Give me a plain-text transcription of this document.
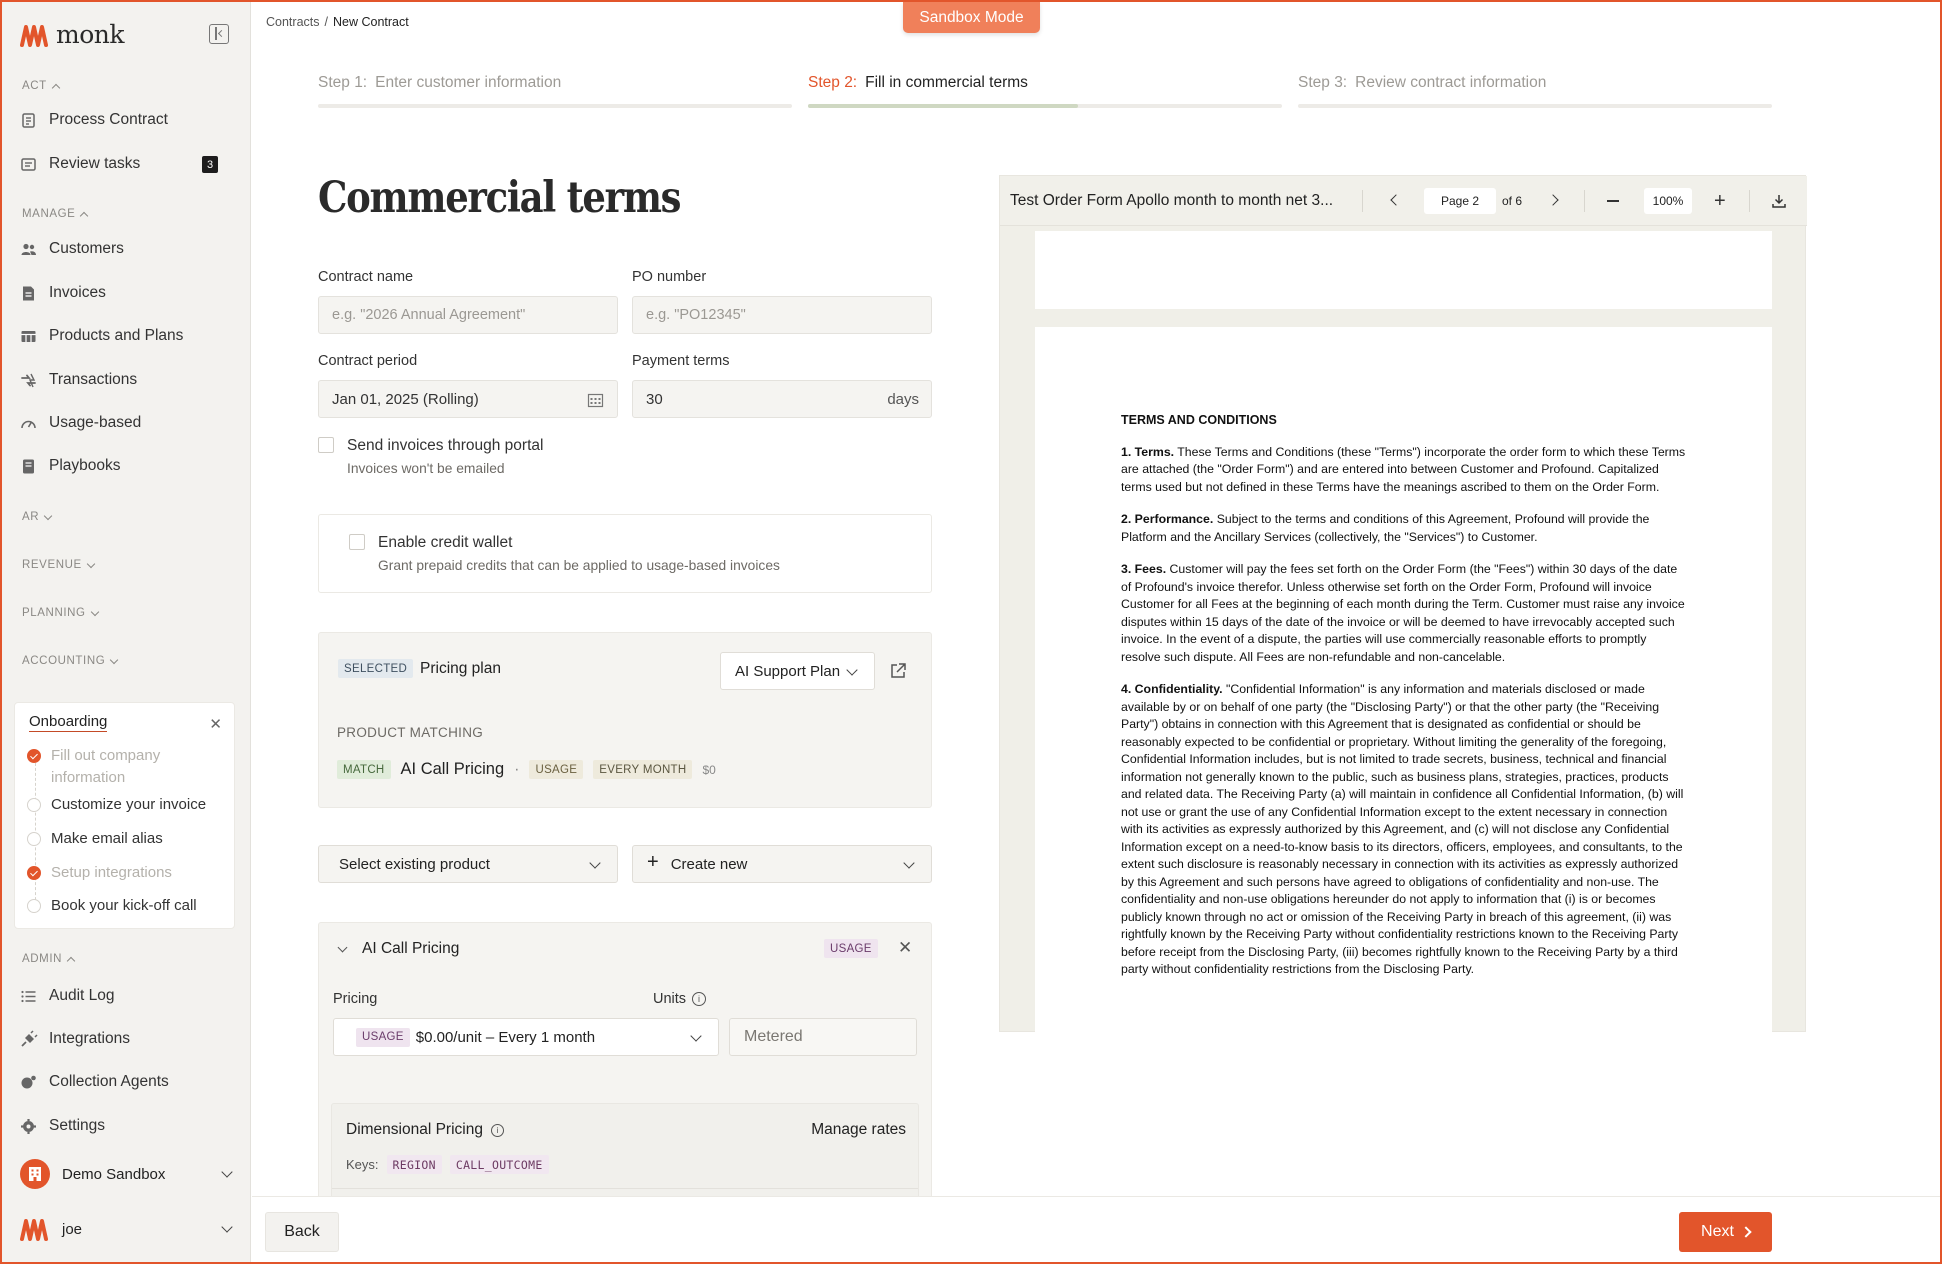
monk
ACT
Process Contract
Review tasks	3
MANAGE
Customers
Invoices
Products and Plans
Transactions
Usage-based
Playbooks
AR
REVENUE
PLANNING
ACCOUNTING
Onboarding	✕
Fill out company information
Customize your invoice
Make email alias
Setup integrations
Book your kick-off call
ADMIN
Audit Log
Integrations
Collection Agents
Settings
Demo Sandbox
joe
Contracts / New Contract	Sandbox Mode
Step 1: Enter customer information	Step 2: Fill in commercial terms	Step 3: Review contract information
Commercial terms
Contract name
e.g. "2026 Annual Agreement"
PO number
e.g. "PO12345"
Contract period
Jan 01, 2025 (Rolling)
Payment terms
30	days
Send invoices through portal
Invoices won't be emailed
Enable credit wallet
Grant prepaid credits that can be applied to usage-based invoices
SELECTED Pricing plan	AI Support Plan
PRODUCT MATCHING
MATCH AI Call Pricing ·	USAGE	EVERY MONTH	$0
Select existing product	+ Create new
AI Call Pricing	USAGE	✕
Pricing	Units	i
USAGE $0.00/unit – Every 1 month	Metered
Dimensional Pricing	i	Manage rates
Keys:	REGION	CALL_OUTCOME
Test Order Form Apollo month to month net 3...	Page 2	of 6	100%	+
TERMS AND CONDITIONS

1. Terms. These Terms and Conditions (these "Terms") incorporate the order form to which these Terms are attached (the "Order Form") and are entered into between Customer and Profound. Capitalized terms used but not defined in these Terms have the meanings ascribed to them on the Order Form.

2. Performance. Subject to the terms and conditions of this Agreement, Profound will provide the Platform and the Ancillary Services (collectively, the "Services") to Customer.

3. Fees. Customer will pay the fees set forth on the Order Form (the "Fees") within 30 days of the date of Profound's invoice therefor. Unless otherwise set forth on the Order Form, Profound will invoice Customer for all Fees at the beginning of each month during the Term. Customer must raise any invoice disputes within 15 days of the date of the invoice or will be deemed to have irrevocably accepted such invoice. In the event of a dispute, the parties will use commercially reasonable efforts to promptly resolve such dispute. All Fees are non-refundable and non-cancelable.

4. Confidentiality. "Confidential Information" is any information and materials disclosed or made available by or on behalf of one party (the "Disclosing Party") or that the other party (the "Receiving Party") obtains in connection with this Agreement that is designated as confidential or should be reasonably expected to be confidential or proprietary. Without limiting the generality of the foregoing, Confidential Information includes, but is not limited to trade secrets, business, technical and financial information not generally known to the public, such as business plans, strategies, practices, products and related data. The Receiving Party (a) will maintain in confidence all Confidential Information, (b) will not use or grant the use of any Confidential Information except to the extent necessary in connection with its activities as expressly authorized by this Agreement, and (c) will not disclose any Confidential Information except on a need-to-know basis to its directors, officers, employees, and consultants, to the extent such disclosure is reasonably necessary in connection with its activities as expressly authorized by this Agreement and such persons have agreed to obligations of confidentiality and non-use. The confidentiality and non-use obligations hereunder do not apply to information that (i) is or becomes publicly known through no act or omission of the Receiving Party in breach of this agreement, (ii) was rightfully known by the Receiving Party without confidentiality restrictions known to the Receiving Party before receipt from the Disclosing Party, (iii) becomes rightfully known to the Receiving Party by a third party without confidentiality restrictions from the Disclosing Party.

Back	Next
